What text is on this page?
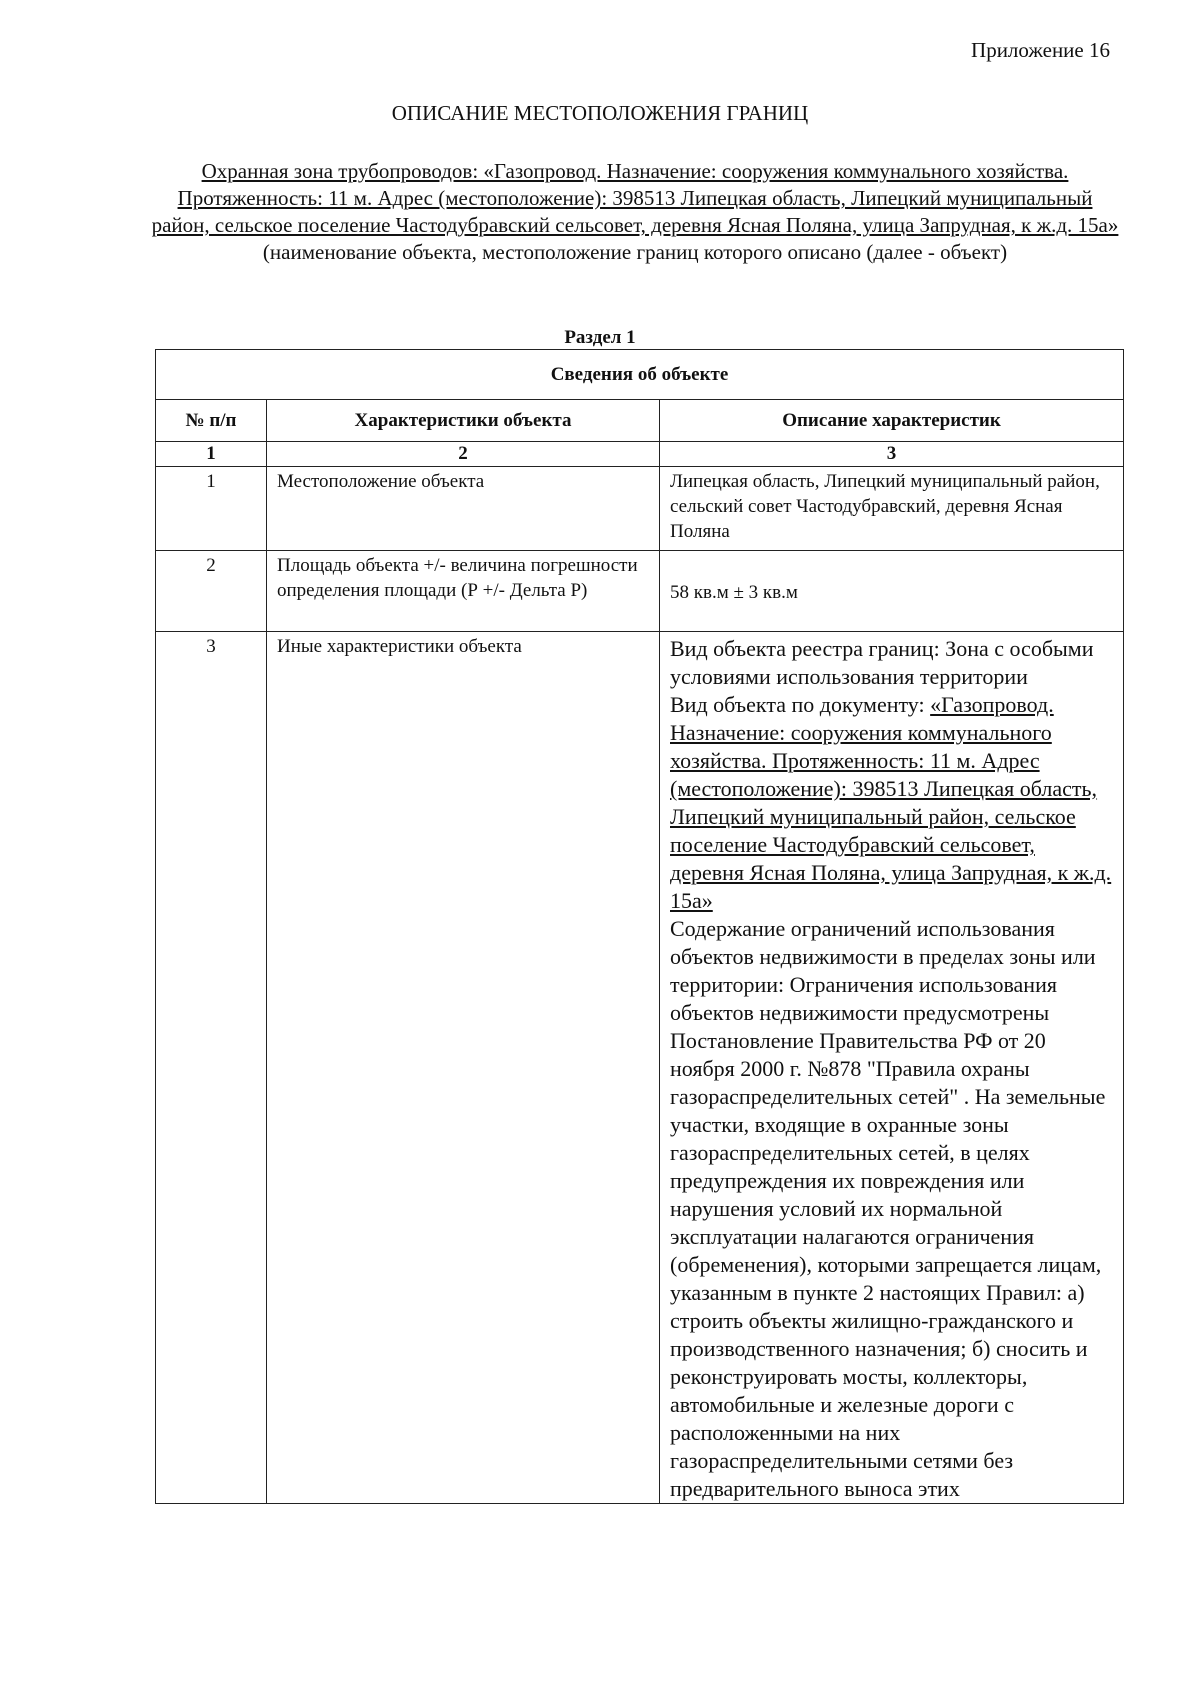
Приложение 16
ОПИСАНИЕ МЕСТОПОЛОЖЕНИЯ ГРАНИЦ
Охранная зона трубопроводов: «Газопровод. Назначение: сооружения коммунального хозяйства. Протяженность: 11 м. Адрес (местоположение): 398513 Липецкая область, Липецкий муниципальный район, сельское поселение Частодубравский сельсовет, деревня Ясная Поляна, улица Запрудная, к ж.д. 15а»
(наименование объекта, местоположение границ которого описано (далее - объект)
Раздел 1
Сведения об объекте		
№ п/п	Характеристики объекта	Описание характеристик
1	2	3
1	Местоположение объекта	Липецкая область, Липецкий муниципальный район, сельский совет Частодубравский, деревня Ясная Поляна
2	Площадь объекта +/- величина погрешности определения площади (Р +/- Дельта Р)	58 кв.м ± 3 кв.м
3	Иные характеристики объекта	Вид объекта реестра границ: Зона с особыми условиями использования территории
Вид объекта по документу: «Газопровод. Назначение: сооружения коммунального хозяйства. Протяженность: 11 м. Адрес (местоположение): 398513 Липецкая область, Липецкий муниципальный район, сельское поселение Частодубравский сельсовет, деревня Ясная Поляна, улица Запрудная, к ж.д. 15а»
Содержание ограничений использования объектов недвижимости в пределах зоны или территории: Ограничения использования объектов недвижимости предусмотрены Постановление Правительства РФ от 20 ноября 2000 г. №878 "Правила охраны газораспределительных сетей" . На земельные участки, входящие в охранные зоны газораспределительных сетей, в целях предупреждения их повреждения или нарушения условий их нормальной эксплуатации налагаются ограничения (обременения), которыми запрещается лицам, указанным в пункте 2 настоящих Правил: а) строить объекты жилищно-гражданского и производственного назначения; б) сносить и реконструировать мосты, коллекторы, автомобильные и железные дороги с расположенными на них газораспределительными сетями без предварительного выноса этих
